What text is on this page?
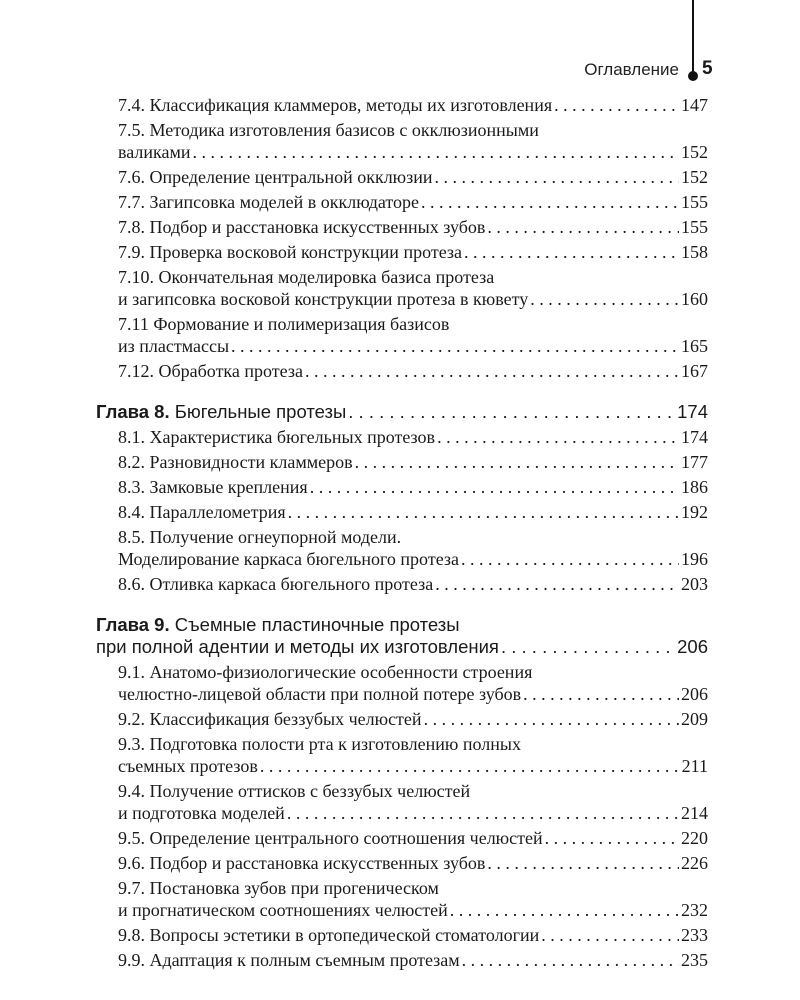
Оглавление 5
7.4. Классификация кламмеров, методы их изготовления . . .	147
7.5. Методика изготовления базисов с окклюзионными
валиками . . .	152
7.6. Определение центральной окклюзии . . .	152
7.7. Загипсовка моделей в окклюдаторе . . .	155
7.8. Подбор и расстановка искусственных зубов . . .	155
7.9. Проверка восковой конструкции протеза . . .	158
7.10. Окончательная моделировка базиса протеза
и загипсовка восковой конструкции протеза в кювету . . .	160
7.11 Формование и полимеризация базисов
из пластмассы . . .	165
7.12. Обработка протеза . . .	167
Глава 8. Бюгельные протезы . . .	174
8.1. Характеристика бюгельных протезов . . .	174
8.2. Разновидности кламмеров . . .	177
8.3. Замковые крепления . . .	186
8.4. Параллелометрия . . .	192
8.5. Получение огнеупорной модели.
Моделирование каркаса бюгельного протеза . . .	196
8.6. Отливка каркаса бюгельного протеза . . .	203
Глава 9. Съемные пластиночные протезы
при полной адентии и методы их изготовления . . .	206
9.1. Анатомо-физиологические особенности строения
челюстно-лицевой области при полной потере зубов . . .	206
9.2. Классификация беззубых челюстей . . .	209
9.3. Подготовка полости рта к изготовлению полных
съемных протезов . . .	211
9.4. Получение оттисков с беззубых челюстей
и подготовка моделей . . .	214
9.5. Определение центрального соотношения челюстей . . .	220
9.6. Подбор и расстановка искусственных зубов . . .	226
9.7. Постановка зубов при прогеническом
и прогнатическом соотношениях челюстей . . .	232
9.8. Вопросы эстетики в ортопедической стоматологии . . .	233
9.9. Адаптация к полным съемным протезам . . .	235
